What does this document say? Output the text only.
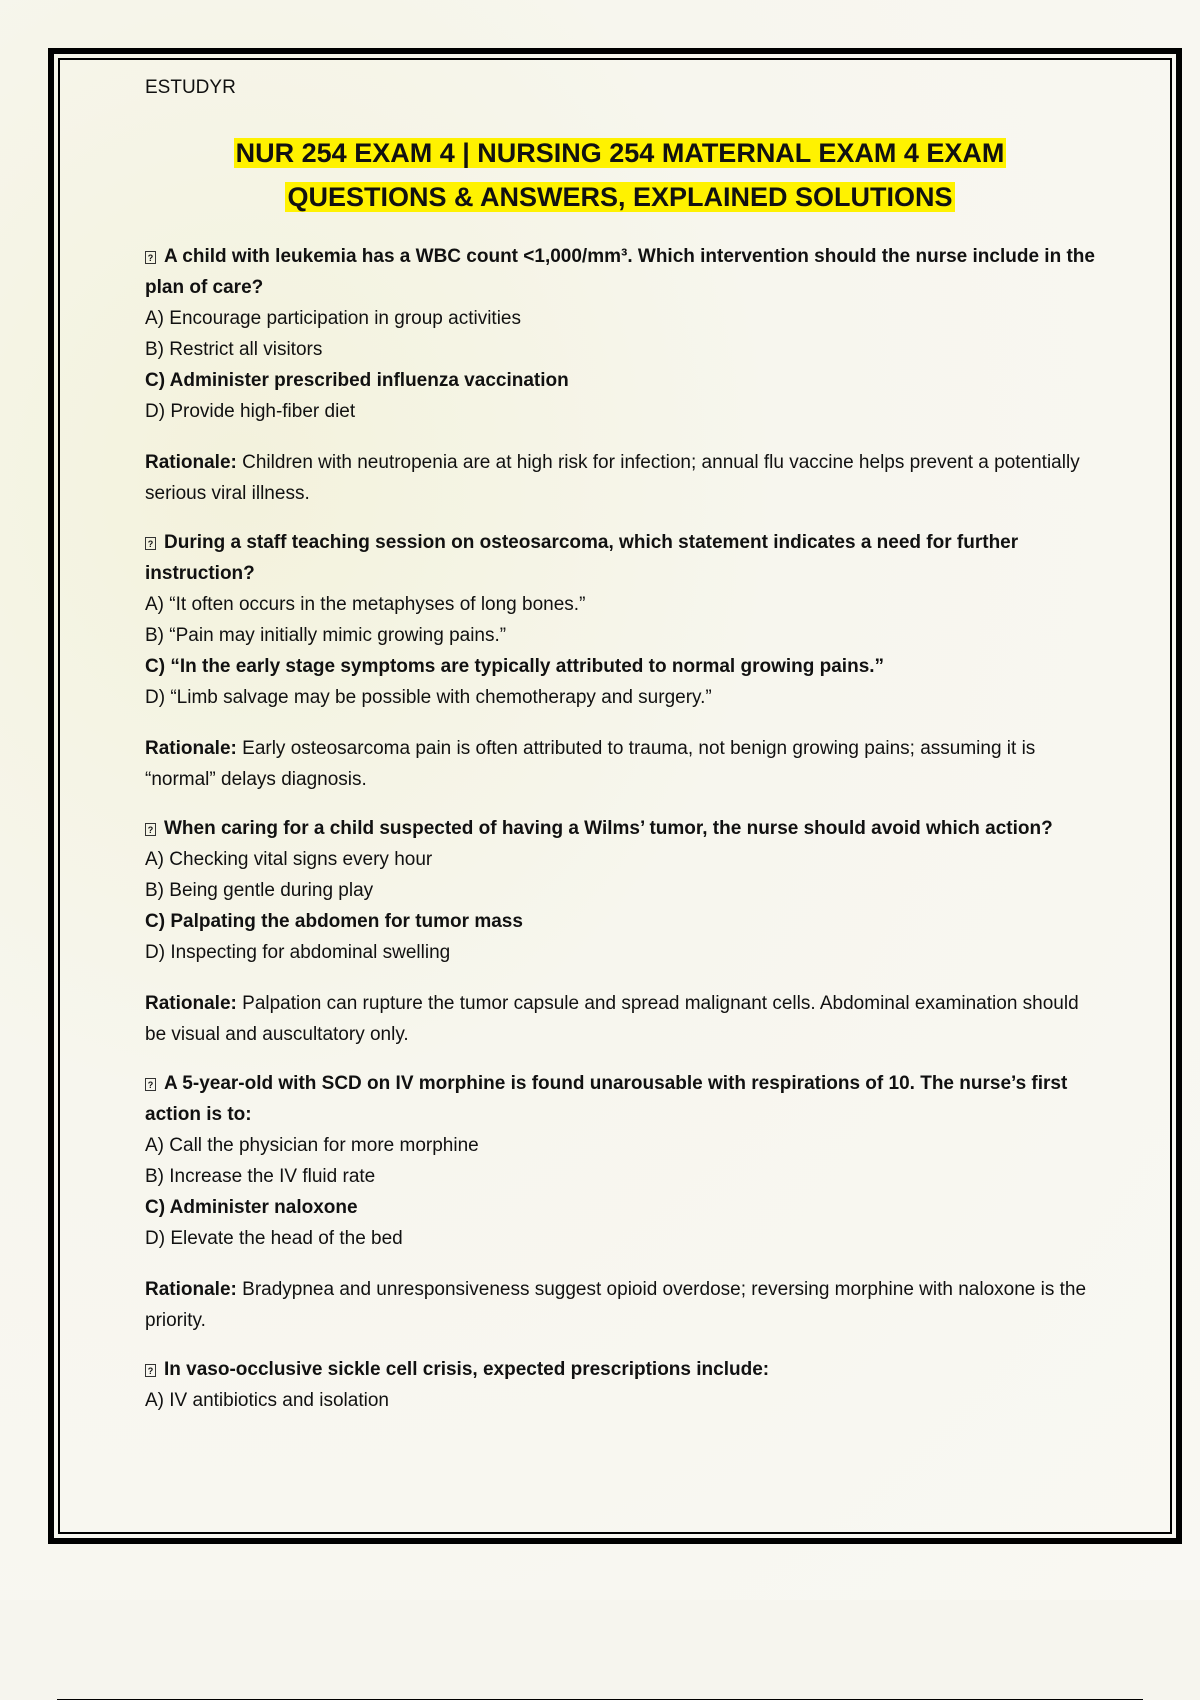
ESTUDYR
NUR 254 EXAM 4 | NURSING 254 MATERNAL EXAM 4 EXAM
QUESTIONS & ANSWERS, EXPLAINED SOLUTIONS

? A child with leukemia has a WBC count <1,000/mm³. Which intervention should the nurse include in the plan of care?

A) Encourage participation in group activities

B) Restrict all visitors

C) Administer prescribed influenza vaccination

D) Provide high-fiber diet

Rationale: Children with neutropenia are at high risk for infection; annual flu vaccine helps prevent a potentially serious viral illness.

? During a staff teaching session on osteosarcoma, which statement indicates a need for further instruction?

A) “It often occurs in the metaphyses of long bones.”

B) “Pain may initially mimic growing pains.”

C) “In the early stage symptoms are typically attributed to normal growing pains.”

D) “Limb salvage may be possible with chemotherapy and surgery.”

Rationale: Early osteosarcoma pain is often attributed to trauma, not benign growing pains; assuming it is “normal” delays diagnosis.

? When caring for a child suspected of having a Wilms’ tumor, the nurse should avoid which action?

A) Checking vital signs every hour

B) Being gentle during play

C) Palpating the abdomen for tumor mass

D) Inspecting for abdominal swelling

Rationale: Palpation can rupture the tumor capsule and spread malignant cells. Abdominal examination should be visual and auscultatory only.

? A 5-year-old with SCD on IV morphine is found unarousable with respirations of 10. The nurse’s first action is to:

A) Call the physician for more morphine

B) Increase the IV fluid rate

C) Administer naloxone

D) Elevate the head of the bed

Rationale: Bradypnea and unresponsiveness suggest opioid overdose; reversing morphine with naloxone is the priority.

? In vaso-occlusive sickle cell crisis, expected prescriptions include:

A) IV antibiotics and isolation
